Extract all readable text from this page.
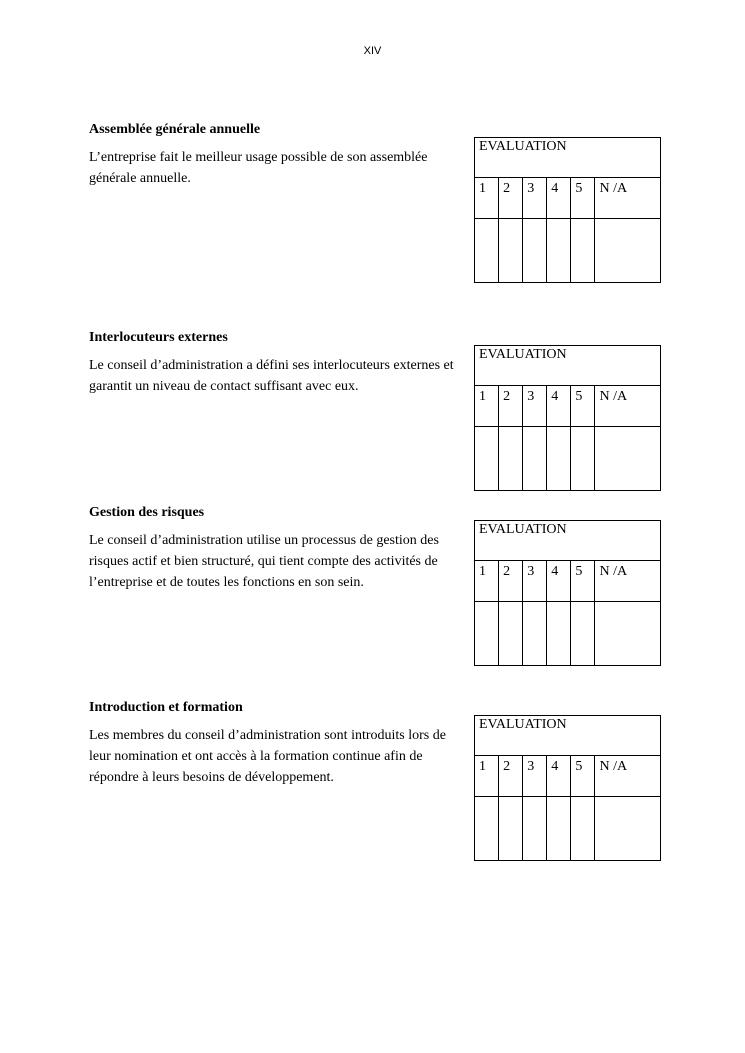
XIV

Assemblée générale annuelle

L’entreprise fait le meilleur usage possible de son assemblée générale annuelle.

EVALUATION					
1	2	3	4	5	N /A

Interlocuteurs externes

Le conseil d’administration a défini ses interlocuteurs externes et garantit un niveau de contact suffisant avec eux.

EVALUATION					
1	2	3	4	5	N /A

Gestion des risques

Le conseil d’administration utilise un processus de gestion des risques actif et bien structuré, qui tient compte des activités de l’entreprise et de toutes les fonctions en son sein.

EVALUATION					
1	2	3	4	5	N /A

Introduction et formation

Les membres du conseil d’administration sont introduits lors de leur nomination et ont accès à la formation continue afin de répondre à leurs besoins de développement.

EVALUATION					
1	2	3	4	5	N /A
